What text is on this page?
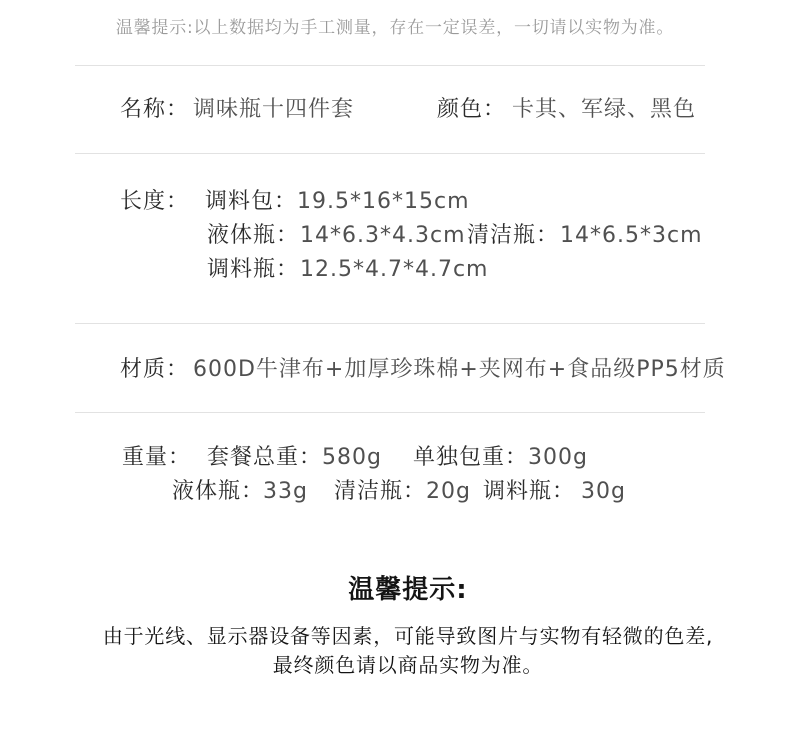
温馨提示:以上数据均为手工测量，存在一定误差，一切请以实物为准。
名称： 调味瓶十四件套	颜色： 卡其、军绿、黑色
长度： 调料包： 19.5*16*15cm
液体瓶： 14*6.3*4.3cm 清洁瓶： 14*6.5*3cm
调料瓶： 12.5*4.7*4.7cm
材质： 600D牛津布+加厚珍珠棉+夹网布+食品级PP5材质
重量： 套餐总重： 580g 单独包重： 300g
液体瓶：
33g 清洁瓶： 20g 调料瓶： 30g
温馨提示:
由于光线、显示器设备等因素，可能导致图片与实物有轻微的色差,
最终颜色请以商品实物为准。
